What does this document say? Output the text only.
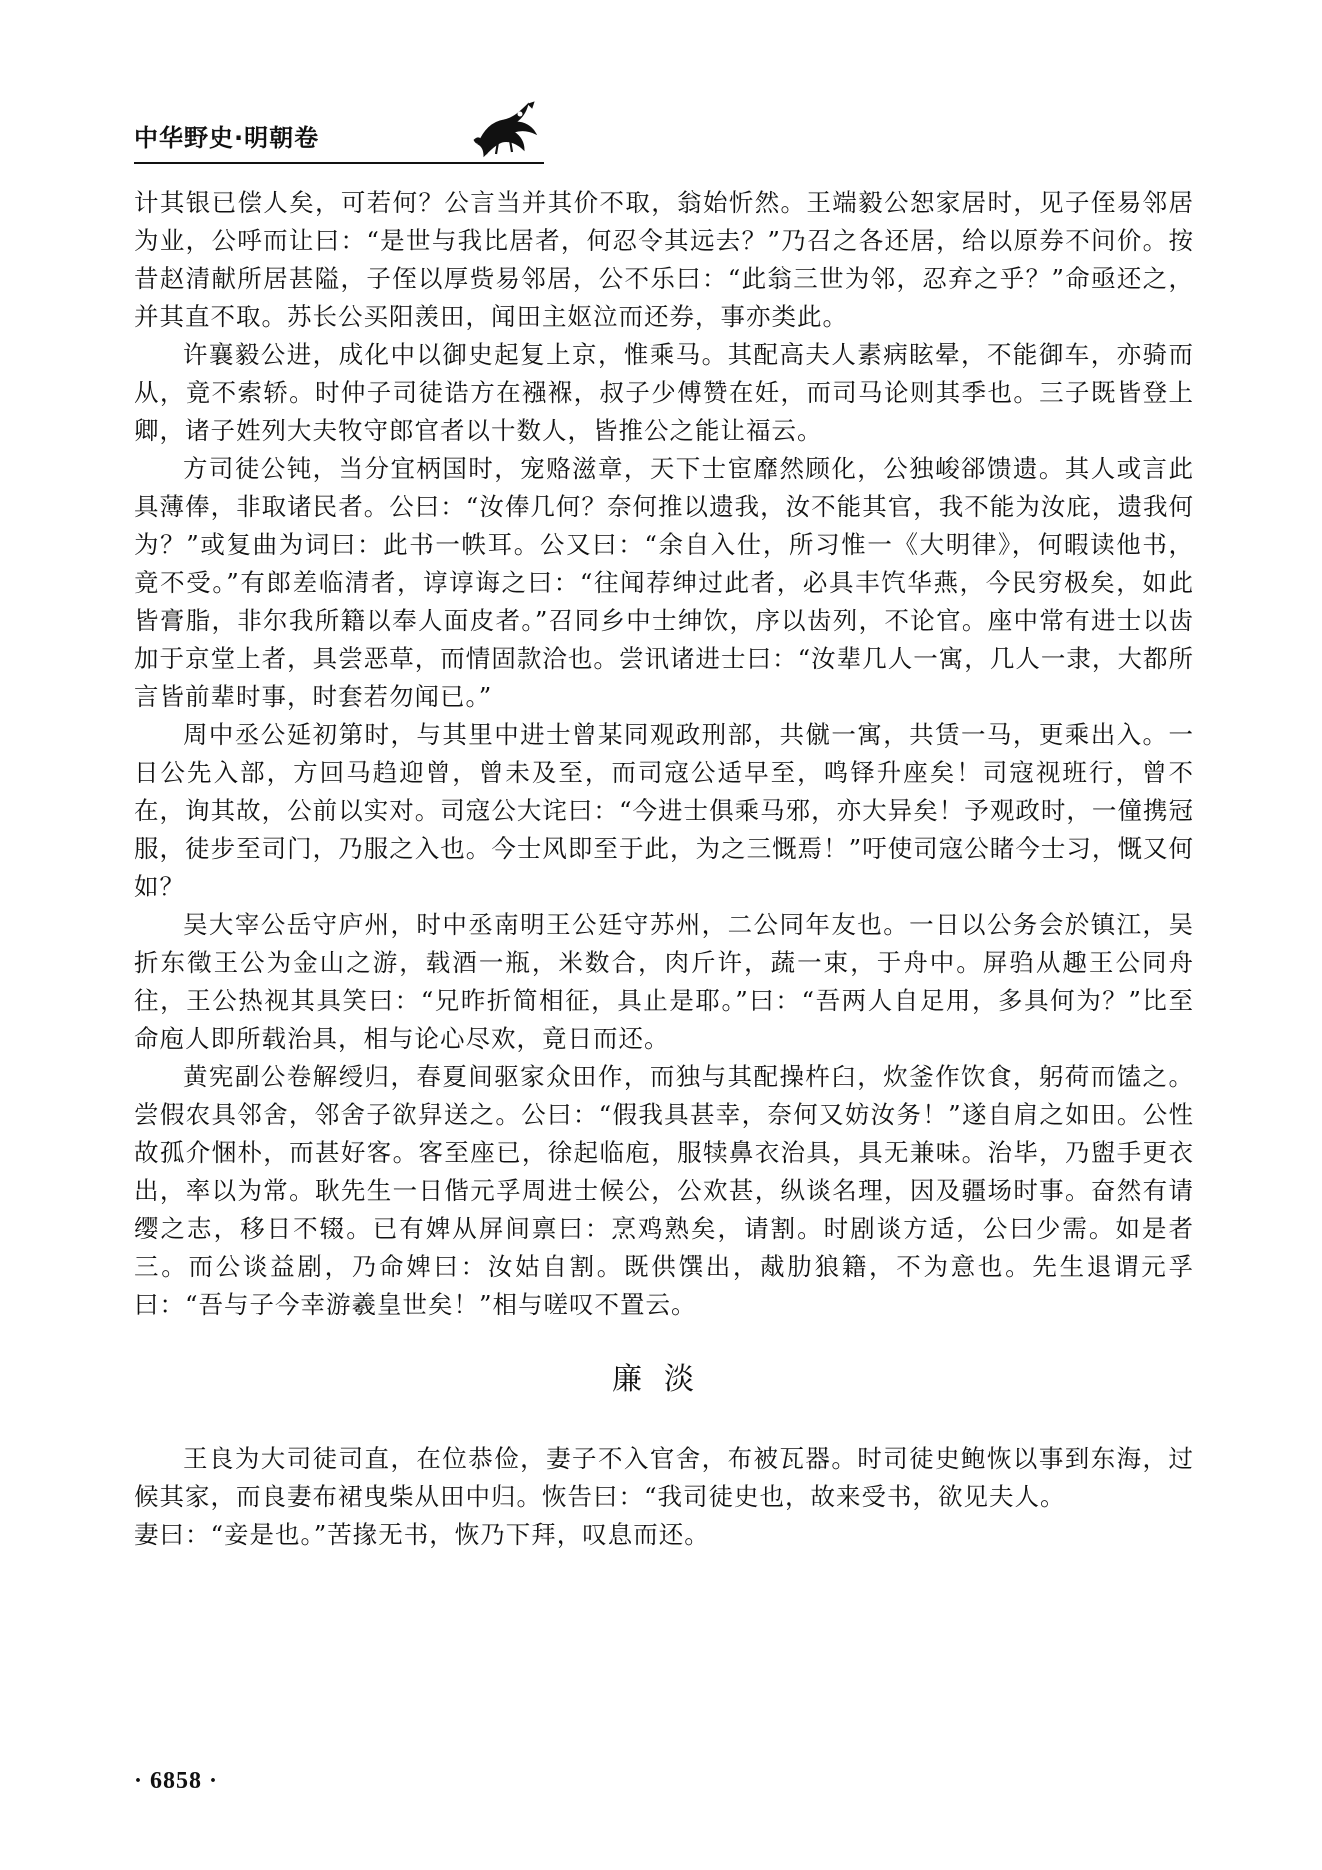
中华野史·明朝卷

计其银已偿人矣，可若何？公言当并其价不取，翁始忻然。王端毅公恕家居时，见子侄易邻居为业，公呼而让曰：“是世与我比居者，何忍令其远去？”乃召之各还居，给以原券不问价。按昔赵清献所居甚隘，子侄以厚赀易邻居，公不乐曰：“此翁三世为邻，忍弃之乎？”命亟还之，并其直不取。苏长公买阳羡田，闻田主妪泣而还券，事亦类此。

许襄毅公进，成化中以御史起复上京，惟乘马。其配高夫人素病眩晕，不能御车，亦骑而从，竟不索轿。时仲子司徒诰方在襁褓，叔子少傅赞在妊，而司马论则其季也。三子既皆登上卿，诸子姓列大夫牧守郎官者以十数人，皆推公之能让福云。

方司徒公钝，当分宜柄国时，宠赂滋章，天下士宦靡然顾化，公独峻郤馈遗。其人或言此具薄俸，非取诸民者。公曰：“汝俸几何？奈何推以遗我，汝不能其官，我不能为汝庇，遗我何为？”或复曲为词曰：此书一帙耳。公又曰：“余自入仕，所习惟一《大明律》，何暇读他书，竟不受。”有郎差临清者，谆谆诲之曰：“往闻荐绅过此者，必具丰饩华燕，今民穷极矣，如此皆膏脂，非尔我所籍以奉人面皮者。”召同乡中士绅饮，序以齿列，不论官。座中常有进士以齿加于京堂上者，具尝恶草，而情固款洽也。尝讯诸进士曰：“汝辈几人一寓，几人一隶，大都所言皆前辈时事，时套若勿闻已。”

周中丞公延初第时，与其里中进士曾某同观政刑部，共僦一寓，共赁一马，更乘出入。一日公先入部，方回马趋迎曾，曾未及至，而司寇公适早至，鸣铎升座矣！司寇视班行，曾不在，询其故，公前以实对。司寇公大诧曰：“今进士俱乘马邪，亦大异矣！予观政时，一僮携冠服，徒步至司门，乃服之入也。今士风即至于此，为之三慨焉！”吁使司寇公睹今士习，慨又何如？

吴大宰公岳守庐州，时中丞南明王公廷守苏州，二公同年友也。一日以公务会於镇江，吴折东徵王公为金山之游，载酒一瓶，米数合，肉斤许，蔬一束，于舟中。屏驺从趣王公同舟往，王公热视其具笑曰：“兄昨折简相征，具止是耶。”曰：“吾两人自足用，多具何为？”比至命庖人即所载治具，相与论心尽欢，竟日而还。

黄宪副公卷解绶归，春夏间驱家众田作，而独与其配操杵臼，炊釜作饮食，躬荷而馌之。尝假农具邻舍，邻舍子欲舁送之。公曰：“假我具甚幸，奈何又妨汝务！”遂自肩之如田。公性故孤介悃朴，而甚好客。客至座已，徐起临庖，服犊鼻衣治具，具无兼味。治毕，乃盥手更衣出，率以为常。耿先生一日偕元孚周进士候公，公欢甚，纵谈名理，因及疆场时事。奋然有请缨之志，移日不辍。已有婢从屏间禀曰：烹鸡熟矣，请割。时剧谈方适，公曰少需。如是者三。而公谈益剧，乃命婢曰：汝姑自割。既供馔出，胾肋狼籍，不为意也。先生退谓元孚曰：“吾与子今幸游羲皇世矣！”相与嗟叹不置云。

廉淡

王良为大司徒司直，在位恭俭，妻子不入官舍，布被瓦器。时司徒史鲍恢以事到东海，过候其家，而良妻布裙曳柴从田中归。恢告曰：“我司徒史也，故来受书，欲见夫人。

妻曰：“妾是也。”苦掾无书，恢乃下拜，叹息而还。

· 6858 ·
